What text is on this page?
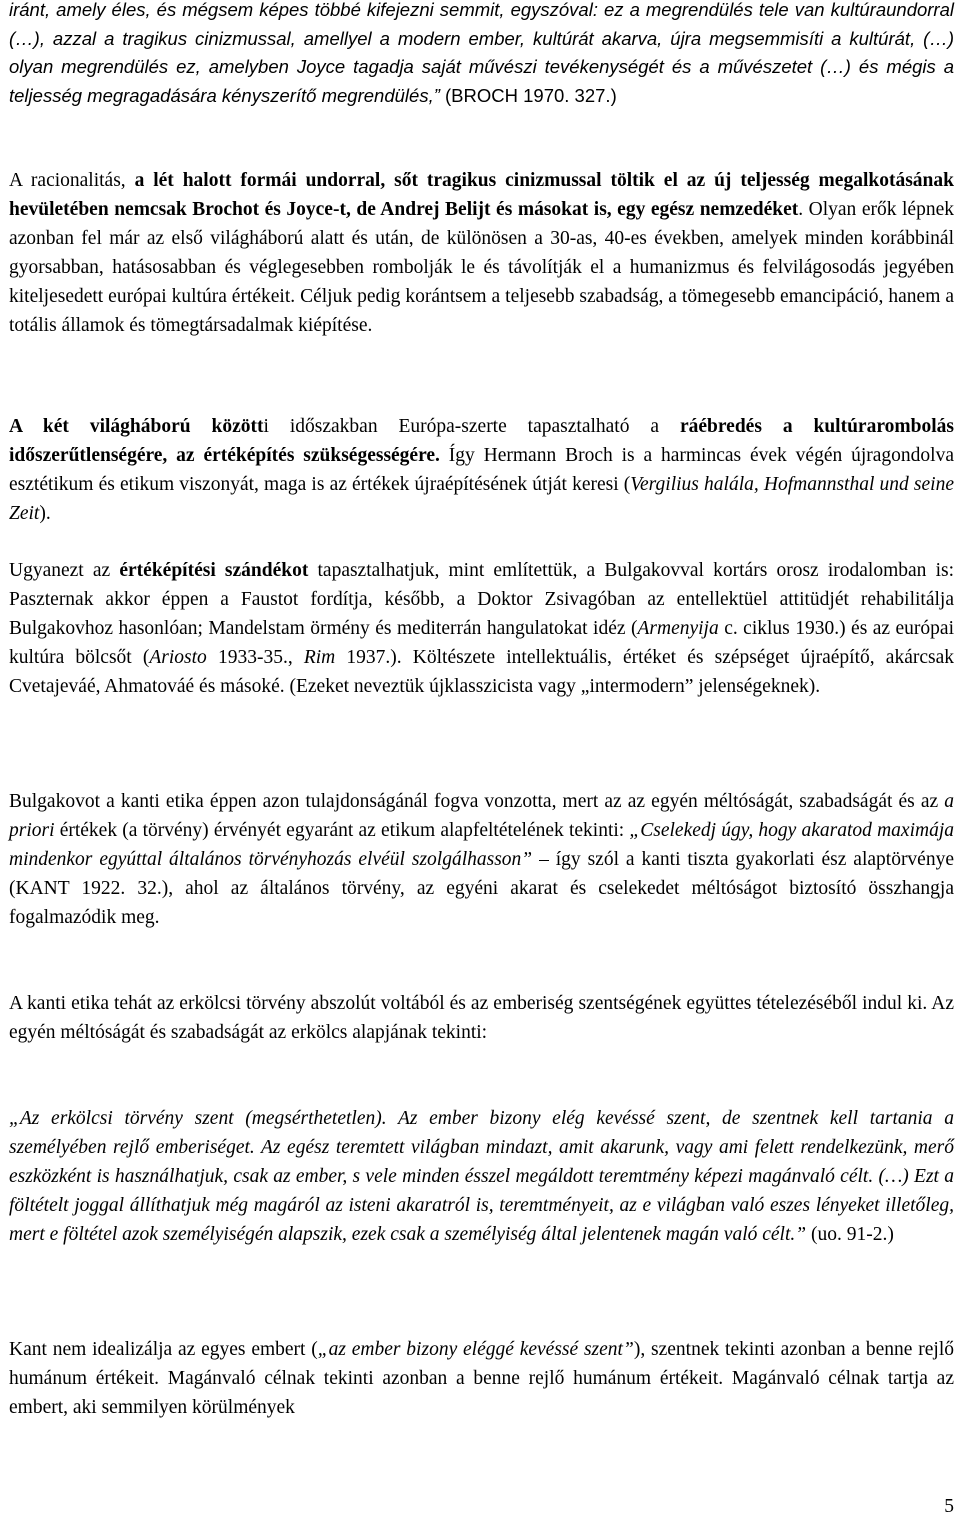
iránt, amely éles, és mégsem képes többé kifejezni semmit, egyszóval: ez a megrendülés tele van kultúraundorral (…), azzal a tragikus cinizmussal, amellyel a modern ember, kultúrát akarva, újra megsemmisíti a kultúrát, (…) olyan megrendülés ez, amelyben Joyce tagadja saját művészi tevékenységét és a művészetet (…) és mégis a teljesség megragadására kényszerítő megrendülés,” (BROCH 1970. 327.)

A racionalitás, a lét halott formái undorral, sőt tragikus cinizmussal töltik el az új teljesség megalkotásának hevületében nemcsak Brochot és Joyce-t, de Andrej Belijt és másokat is, egy egész nemzedéket. Olyan erők lépnek azonban fel már az első világháború alatt és után, de különösen a 30-as, 40-es években, amelyek minden korábbinál gyorsabban, hatásosabban és véglegesebben rombolják le és távolítják el a humanizmus és felvilágosodás jegyében kiteljesedett európai kultúra értékeit. Céljuk pedig korántsem a teljesebb szabadság, a tömegesebb emancipáció, hanem a totális államok és tömegtársadalmak kiépítése.

A két világháború közötti időszakban Európa-szerte tapasztalható a ráébredés a kultúrarombolás időszerűtlenségére, az értéképítés szükségességére. Így Hermann Broch is a harmincas évek végén újragondolva esztétikum és etikum viszonyát, maga is az értékek újraépítésének útját keresi (Vergilius halála, Hofmannsthal und seine Zeit).

Ugyanezt az értéképítési szándékot tapasztalhatjuk, mint említettük, a Bulgakovval kortárs orosz irodalomban is: Paszternak akkor éppen a Faustot fordítja, később, a Doktor Zsivagóban az entellektüel attitüdjét rehabilitálja Bulgakovhoz hasonlóan; Mandelstam örmény és mediterrán hangulatokat idéz (Armenyija c. ciklus 1930.) és az európai kultúra bölcsőt (Ariosto 1933-35., Rim 1937.). Költészete intellektuális, értéket és szépséget újraépítő, akárcsak Cvetajeváé, Ahmatováé és másoké. (Ezeket neveztük újklasszicista vagy „intermodern” jelenségeknek).

Bulgakovot a kanti etika éppen azon tulajdonságánál fogva vonzotta, mert az az egyén méltóságát, szabadságát és az a priori értékek (a törvény) érvényét egyaránt az etikum alapfeltételének tekinti: „Cselekedj úgy, hogy akaratod maximája mindenkor egyúttal általános törvényhozás elvéül szolgálhasson” – így szól a kanti tiszta gyakorlati ész alaptörvénye (KANT 1922. 32.), ahol az általános törvény, az egyéni akarat és cselekedet méltóságot biztosító összhangja fogalmazódik meg.

A kanti etika tehát az erkölcsi törvény abszolút voltából és az emberiség szentségének együttes tételezéséből indul ki. Az egyén méltóságát és szabadságát az erkölcs alapjának tekinti:

„Az erkölcsi törvény szent (megsérthetetlen). Az ember bizony elég kevéssé szent, de szentnek kell tartania a személyében rejlő emberiséget. Az egész teremtett világban mindazt, amit akarunk, vagy ami felett rendelkezünk, merő eszközként is használhatjuk, csak az ember, s vele minden ésszel megáldott teremtmény képezi magánvaló célt. (…) Ezt a föltételt joggal állíthatjuk még magáról az isteni akaratról is, teremtményeit, az e világban való eszes lényeket illetőleg, mert e föltétel azok személyiségén alapszik, ezek csak a személyiség által jelentenek magán való célt.” (uo. 91-2.)

Kant nem idealizálja az egyes embert („az ember bizony eléggé kevéssé szent”), szentnek tekinti azonban a benne rejlő humánum értékeit. Magánvaló célnak tekinti azonban a benne rejlő humánum értékeit. Magánvaló célnak tartja az embert, aki semmilyen körülmények

5
